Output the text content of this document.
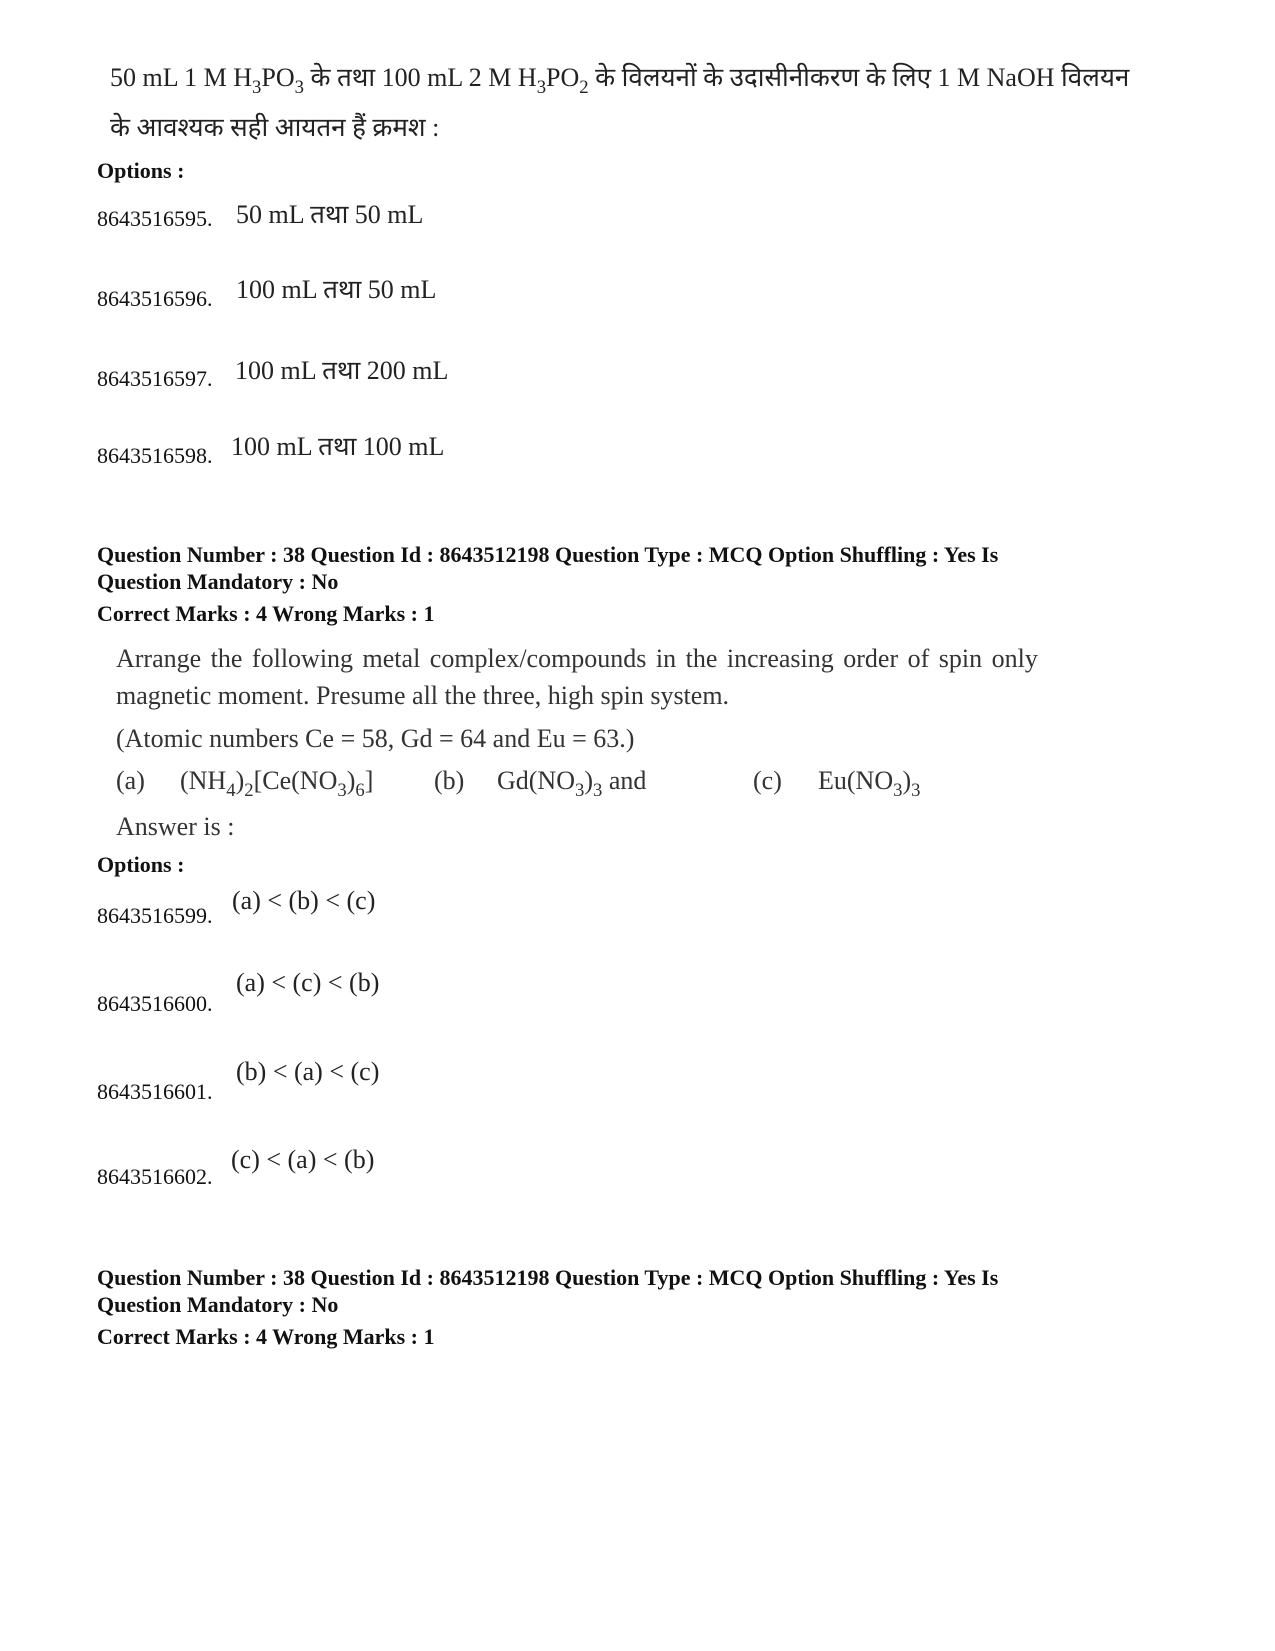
50 mL 1 M $H_3PO_3$ के तथा 100 mL 2 M $H_3PO_2$ के विलयनों के उदासीनीकरण के लिए 1 M NaOH विलयन
के आवश्यक सही आयतन हैं क्रमश :
Options :
8643516595. 50 mL तथा 50 mL
8643516596. 100 mL तथा 50 mL
8643516597. 100 mL तथा 200 mL
8643516598. 100 mL तथा 100 mL
Question Number : 38 Question Id : 8643512198 Question Type : MCQ Option Shuffling : Yes Is
Question Mandatory : No
Correct Marks : 4 Wrong Marks : 1
Arrange the following metal complex/compounds in the increasing order of spin only
magnetic moment. Presume all the three, high spin system.
(Atomic numbers Ce = 58, Gd = 64 and Eu = 63.)
(a) $(NH_4)_2[Ce(NO_3)_6]$ (b) $Gd(NO_3)_3$ and	(c) $Eu(NO_3)_3$
Answer is :
Options :
8643516599.
(a) < (b) < (c)
8643516600.
(a) < (c) < (b)
8643516601.
(b) < (a) < (c)
8643516602.
(c) < (a) < (b)
Question Number : 38 Question Id : 8643512198 Question Type : MCQ Option Shuffling : Yes Is
Question Mandatory : No
Correct Marks : 4 Wrong Marks : 1
